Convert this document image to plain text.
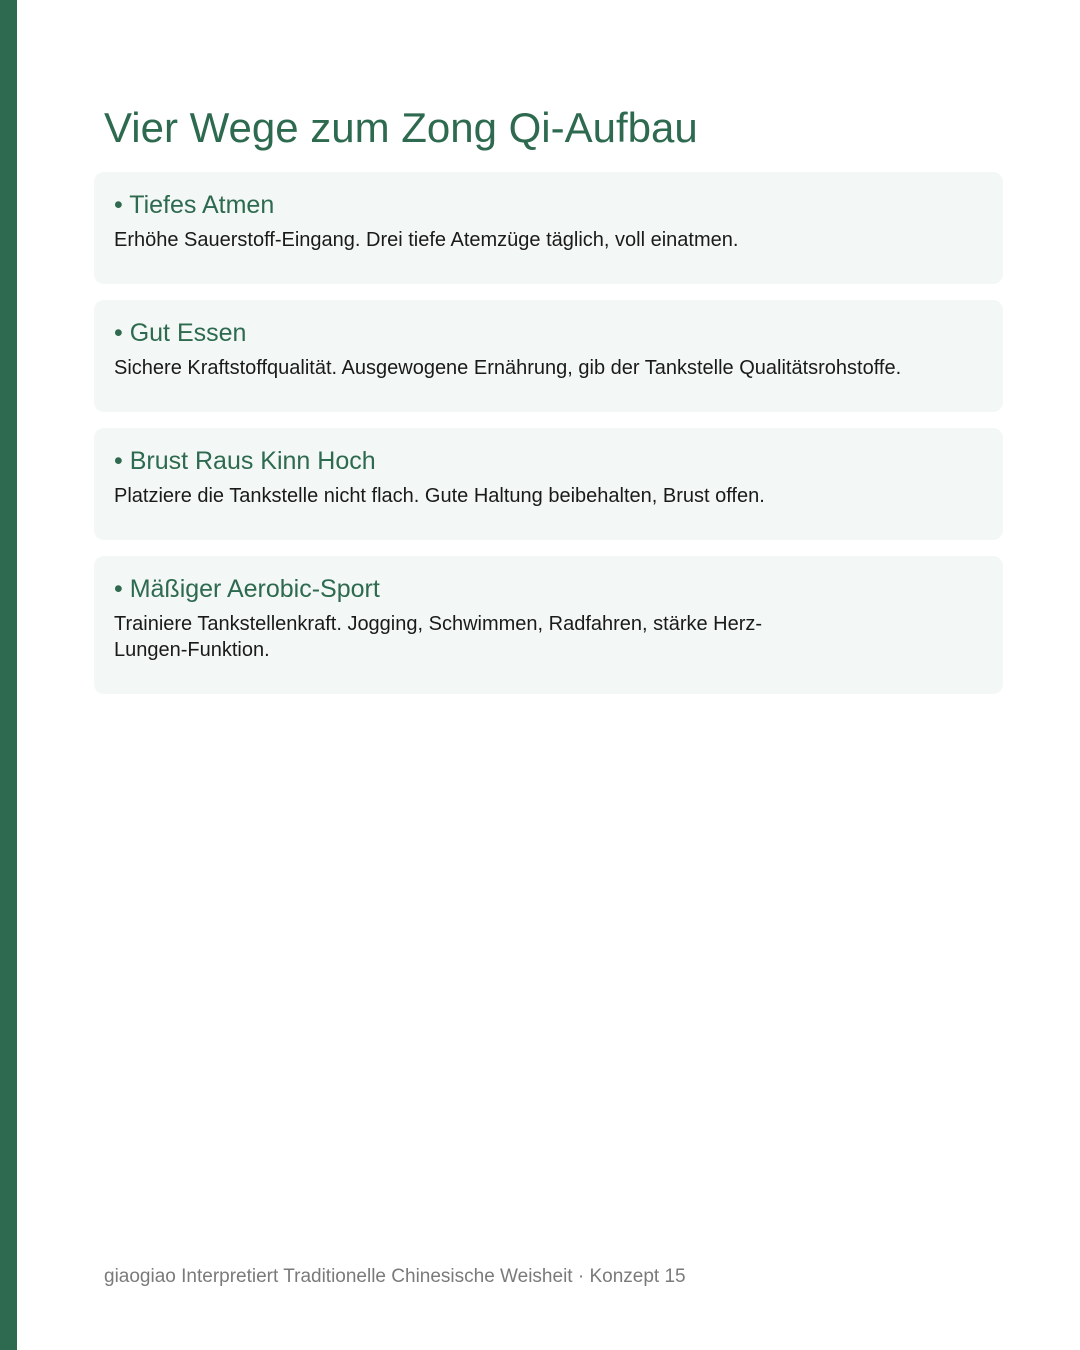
Vier Wege zum Zong Qi-Aufbau
• Tiefes Atmen
Erhöhe Sauerstoff-Eingang. Drei tiefe Atemzüge täglich, voll einatmen.
• Gut Essen
Sichere Kraftstoffqualität. Ausgewogene Ernährung, gib der Tankstelle Qualitätsrohstoffe.
• Brust Raus Kinn Hoch
Platziere die Tankstelle nicht flach. Gute Haltung beibehalten, Brust offen.
• Mäßiger Aerobic-Sport
Trainiere Tankstellenkraft. Jogging, Schwimmen, Radfahren, stärke Herz-Lungen-Funktion.
giaogiao Interpretiert Traditionelle Chinesische Weisheit · Konzept 15
